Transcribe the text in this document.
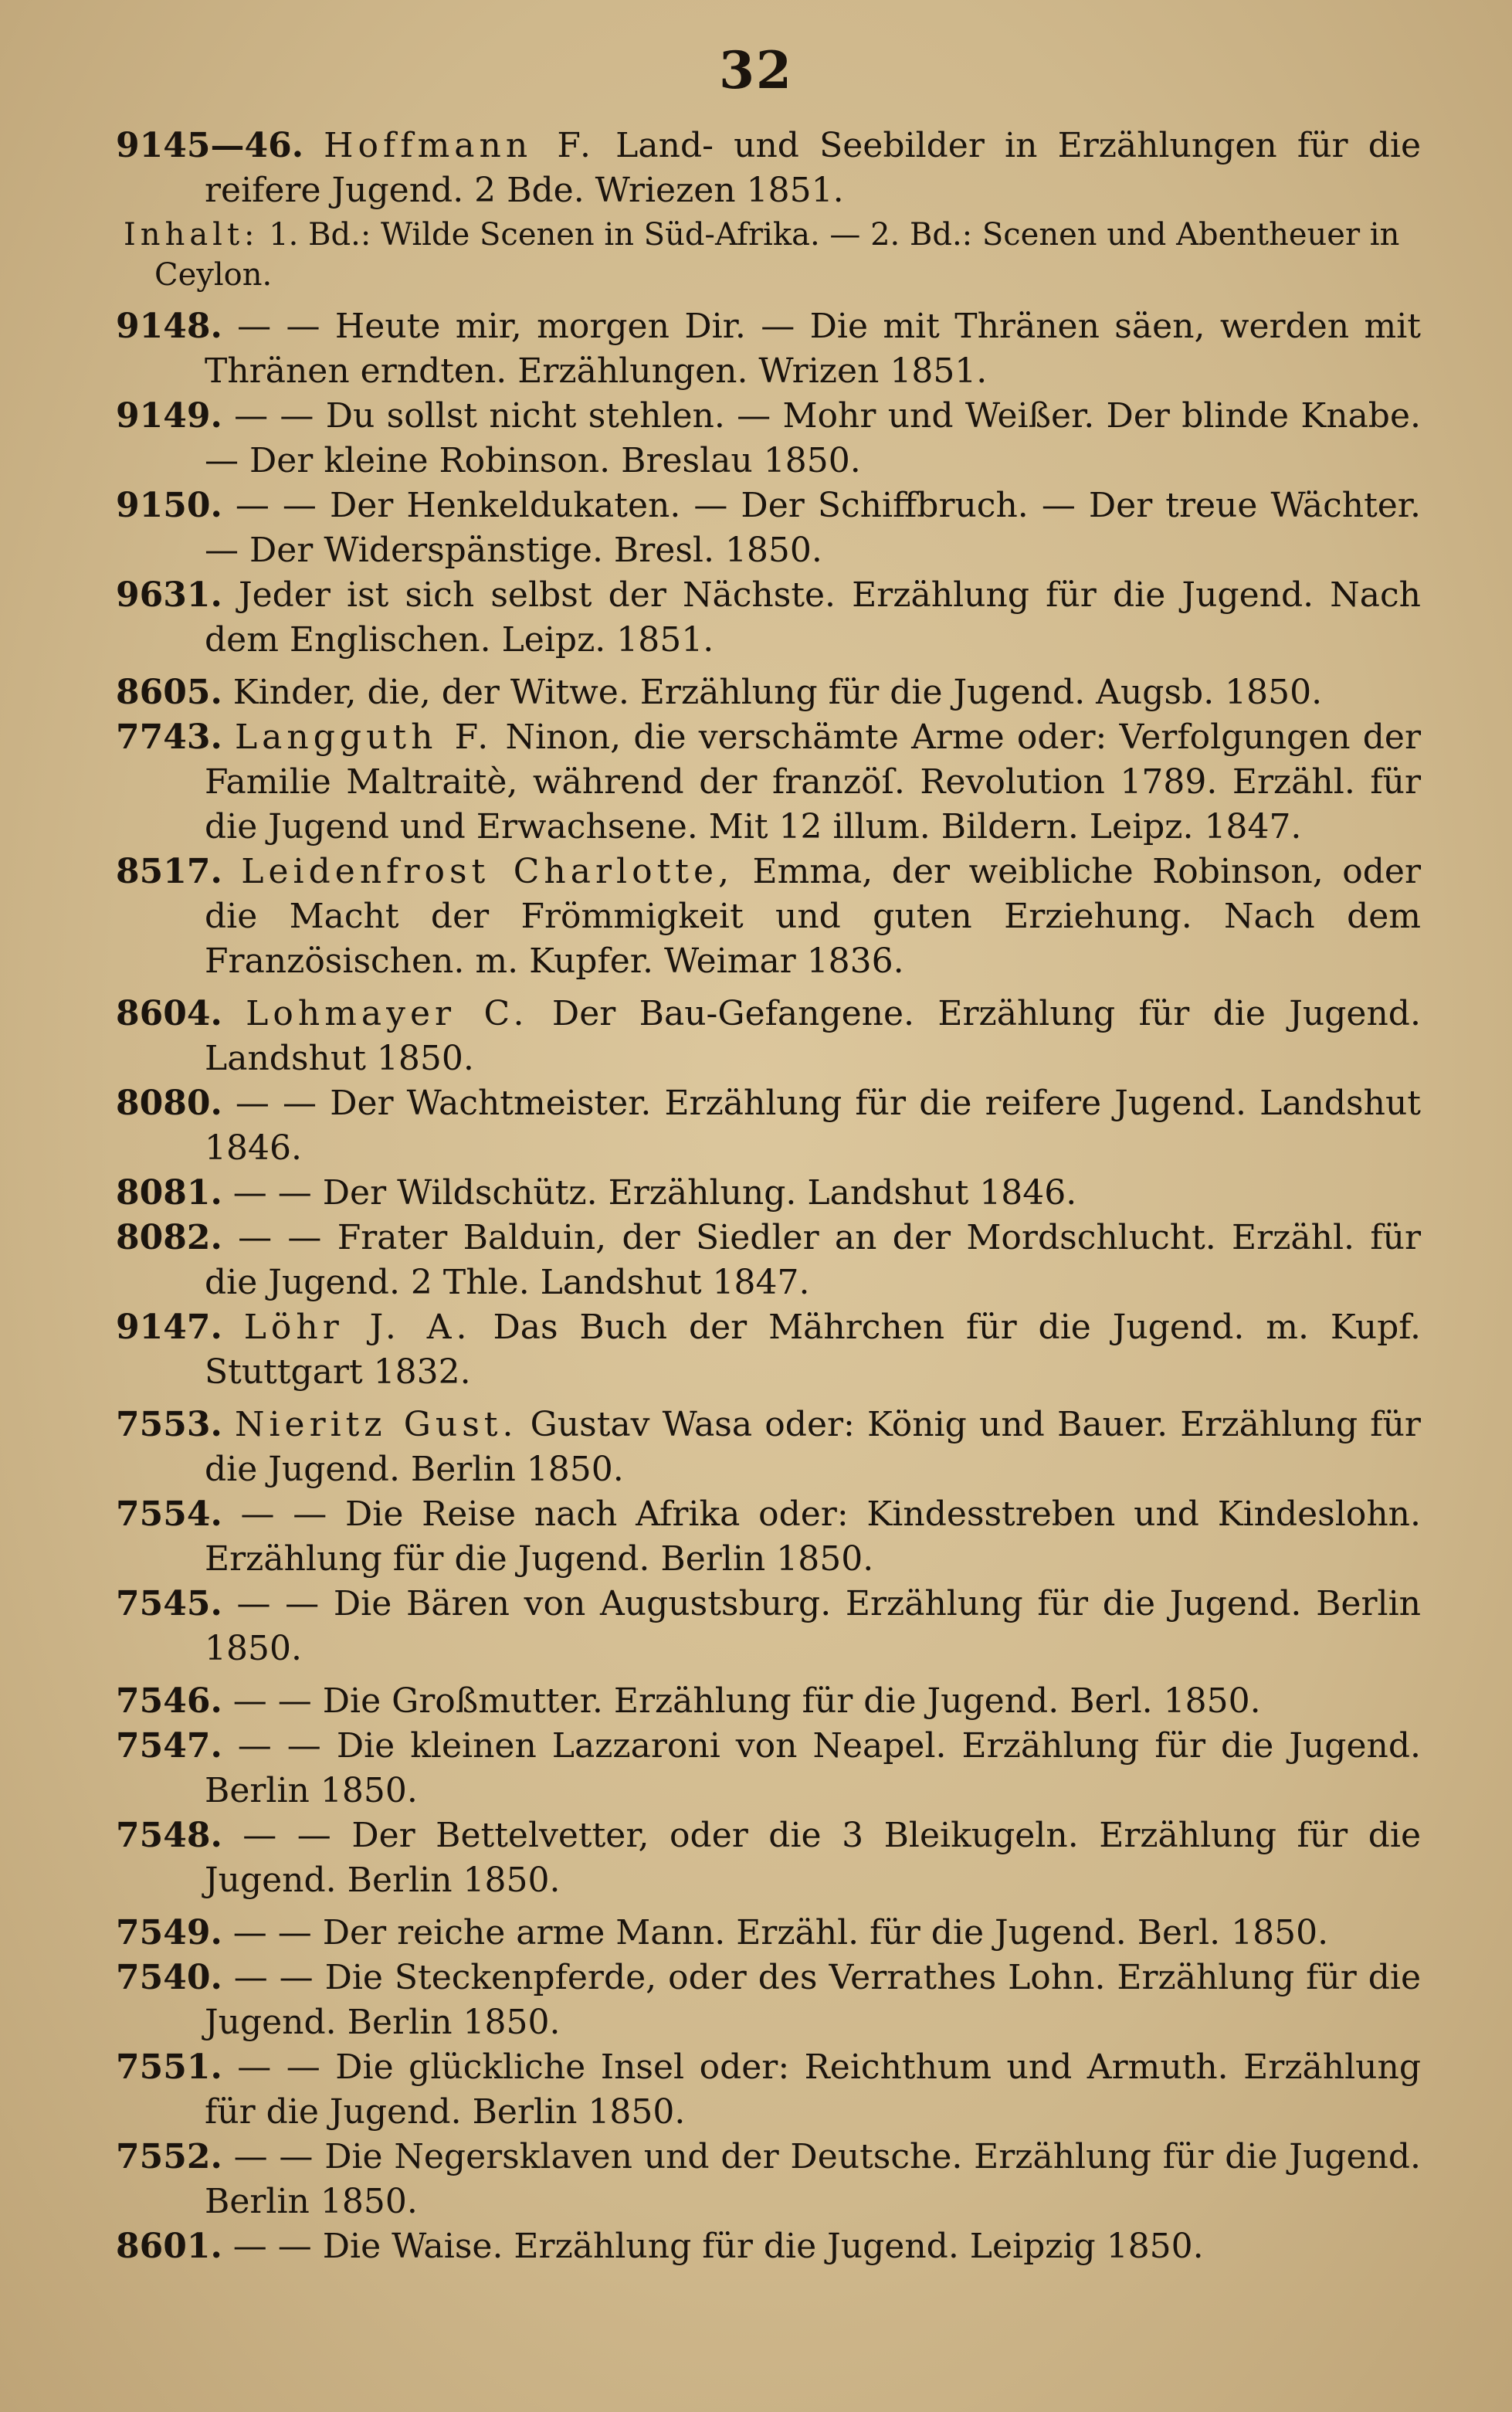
32

9145—46. Hoffmann F. Land- und Seebilder in Erzählungen für die reifere Jugend. 2 Bde. Wriezen 1851.

Inhalt: 1. Bd.: Wilde Scenen in Süd-Afrika. — 2. Bd.: Scenen und Abentheuer in Ceylon.

9148. — — Heute mir, morgen Dir. — Die mit Thränen säen, werden mit Thränen erndten. Erzählungen. Wrizen 1851.

9149. — — Du sollst nicht stehlen. — Mohr und Weißer. Der blinde Knabe. — Der kleine Robinson. Breslau 1850.

9150. — — Der Henkeldukaten. — Der Schiffbruch. — Der treue Wächter. — Der Widerspänstige. Bresl. 1850.

9631. Jeder ist sich selbst der Nächste. Erzählung für die Jugend. Nach dem Englischen. Leipz. 1851.

8605. Kinder, die, der Witwe. Erzählung für die Jugend. Augsb. 1850.

7743. Langguth F. Ninon, die verschämte Arme oder: Verfolgungen der Familie Maltraitè, während der franzöſ. Revolution 1789. Erzähl. für die Jugend und Erwachsene. Mit 12 illum. Bildern. Leipz. 1847.

8517. Leidenfrost Charlotte, Emma, der weibliche Robinson, oder die Macht der Frömmigkeit und guten Erziehung. Nach dem Französischen. m. Kupfer. Weimar 1836.

8604. Lohmayer C. Der Bau-Gefangene. Erzählung für die Jugend. Landshut 1850.

8080. — — Der Wachtmeister. Erzählung für die reifere Jugend. Landshut 1846.

8081. — — Der Wildschütz. Erzählung. Landshut 1846.

8082. — — Frater Balduin, der Siedler an der Mordschlucht. Erzähl. für die Jugend. 2 Thle. Landshut 1847.

9147. Löhr J. A. Das Buch der Mährchen für die Jugend. m. Kupf. Stuttgart 1832.

7553. Nieritz Gust. Gustav Wasa oder: König und Bauer. Erzählung für die Jugend. Berlin 1850.

7554. — — Die Reise nach Afrika oder: Kindesstreben und Kindeslohn. Erzählung für die Jugend. Berlin 1850.

7545. — — Die Bären von Augustsburg. Erzählung für die Jugend. Berlin 1850.

7546. — — Die Großmutter. Erzählung für die Jugend. Berl. 1850.

7547. — — Die kleinen Lazzaroni von Neapel. Erzählung für die Jugend. Berlin 1850.

7548. — — Der Bettelvetter, oder die 3 Bleikugeln. Erzählung für die Jugend. Berlin 1850.

7549. — — Der reiche arme Mann. Erzähl. für die Jugend. Berl. 1850.

7540. — — Die Steckenpferde, oder des Verrathes Lohn. Erzählung für die Jugend. Berlin 1850.

7551. — — Die glückliche Insel oder: Reichthum und Armuth. Erzählung für die Jugend. Berlin 1850.

7552. — — Die Negersklaven und der Deutsche. Erzählung für die Jugend. Berlin 1850.

8601. — — Die Waise. Erzählung für die Jugend. Leipzig 1850.
